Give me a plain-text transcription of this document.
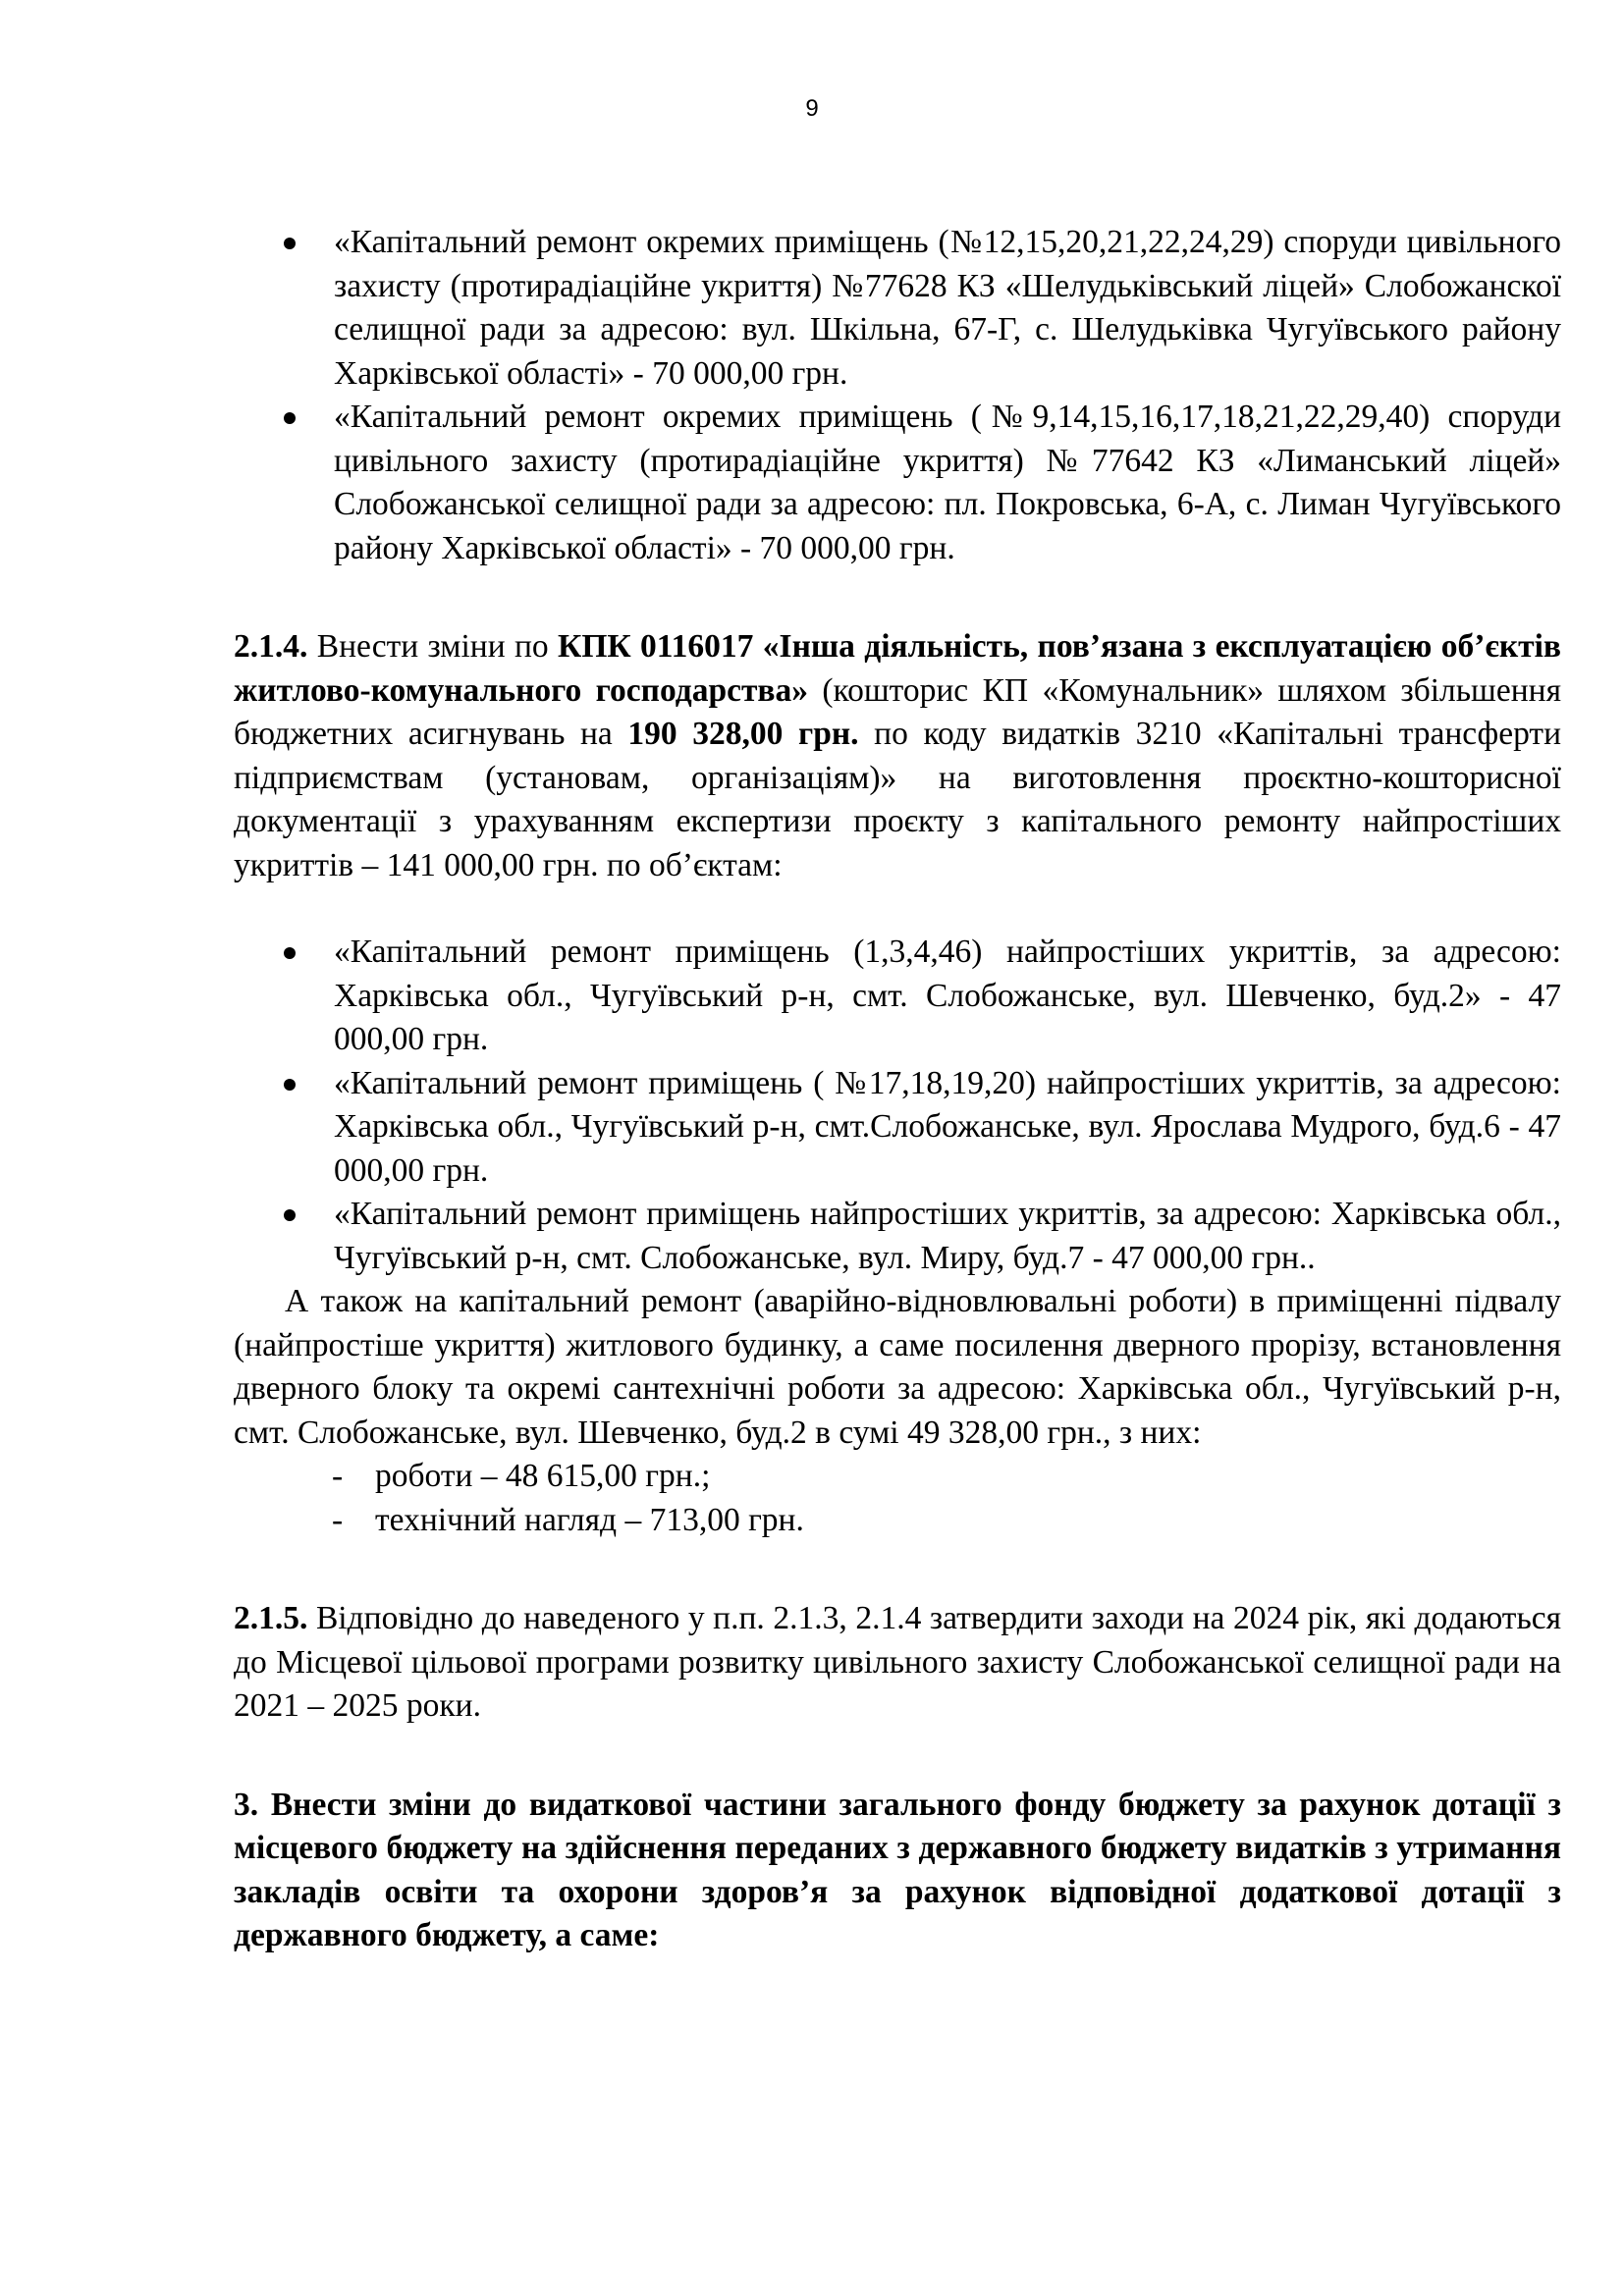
9
«Капітальний ремонт окремих приміщень (№12,15,20,21,22,24,29) споруди цивільного захисту (протирадіаційне укриття) №77628 КЗ «Шелудьківський ліцей» Слобожанскої селищної ради за адресою: вул. Шкільна, 67-Г, с. Шелудьківка Чугуївського району Харківської області» - 70 000,00 грн.
«Капітальний ремонт окремих приміщень (№9,14,15,16,17,18,21,22,29,40) споруди цивільного захисту (протирадіаційне укриття) №77642 КЗ «Лиманський ліцей» Слобожанської селищної ради за адресою: пл. Покровська, 6-А, с. Лиман Чугуївського району Харківської області» - 70 000,00 грн.

2.1.4. Внести зміни по КПК 0116017 «Інша діяльність, пов’язана з експлуатацією об’єктів житлово-комунального господарства» (кошторис КП «Комунальник» шляхом збільшення бюджетних асигнувань на 190 328,00 грн. по коду видатків 3210 «Капітальні трансферти підприємствам (установам, організаціям)» на виготовлення проєктно-кошторисної документації з урахуванням експертизи проєкту з капітального ремонту найпростіших укриттів – 141 000,00 грн. по об’єктам:

«Капітальний ремонт приміщень (1,3,4,46) найпростіших укриттів, за адресою: Харківська обл., Чугуївський р-н, смт. Слобожанське, вул. Шевченко, буд.2» - 47 000,00 грн.
«Капітальний ремонт приміщень ( №17,18,19,20) найпростіших укриттів, за адресою: Харківська обл., Чугуївський р-н, смт.Слобожанське, вул. Ярослава Мудрого, буд.6 - 47 000,00 грн.
«Капітальний ремонт приміщень найпростіших укриттів, за адресою: Харківська обл., Чугуївський р-н, смт. Слобожанське, вул. Миру, буд.7 - 47 000,00 грн..

А також на капітальний ремонт (аварійно-відновлювальні роботи) в приміщенні підвалу (найпростіше укриття) житлового будинку, а саме посилення дверного прорізу, встановлення дверного блоку та окремі сантехнічні роботи за адресою: Харківська обл., Чугуївський р-н, смт. Слобожанське, вул. Шевченко, буд.2 в сумі 49 328,00 грн., з них:

- роботи – 48 615,00 грн.;
- технічний нагляд – 713,00 грн.

2.1.5. Відповідно до наведеного у п.п. 2.1.3, 2.1.4 затвердити заходи на 2024 рік, які додаються до Місцевої цільової програми розвитку цивільного захисту Слобожанської селищної ради на 2021 – 2025 роки.

3. Внести зміни до видаткової частини загального фонду бюджету за рахунок дотації з місцевого бюджету на здійснення переданих з державного бюджету видатків з утримання закладів освіти та охорони здоров’я за рахунок відповідної додаткової дотації з державного бюджету, а саме:
